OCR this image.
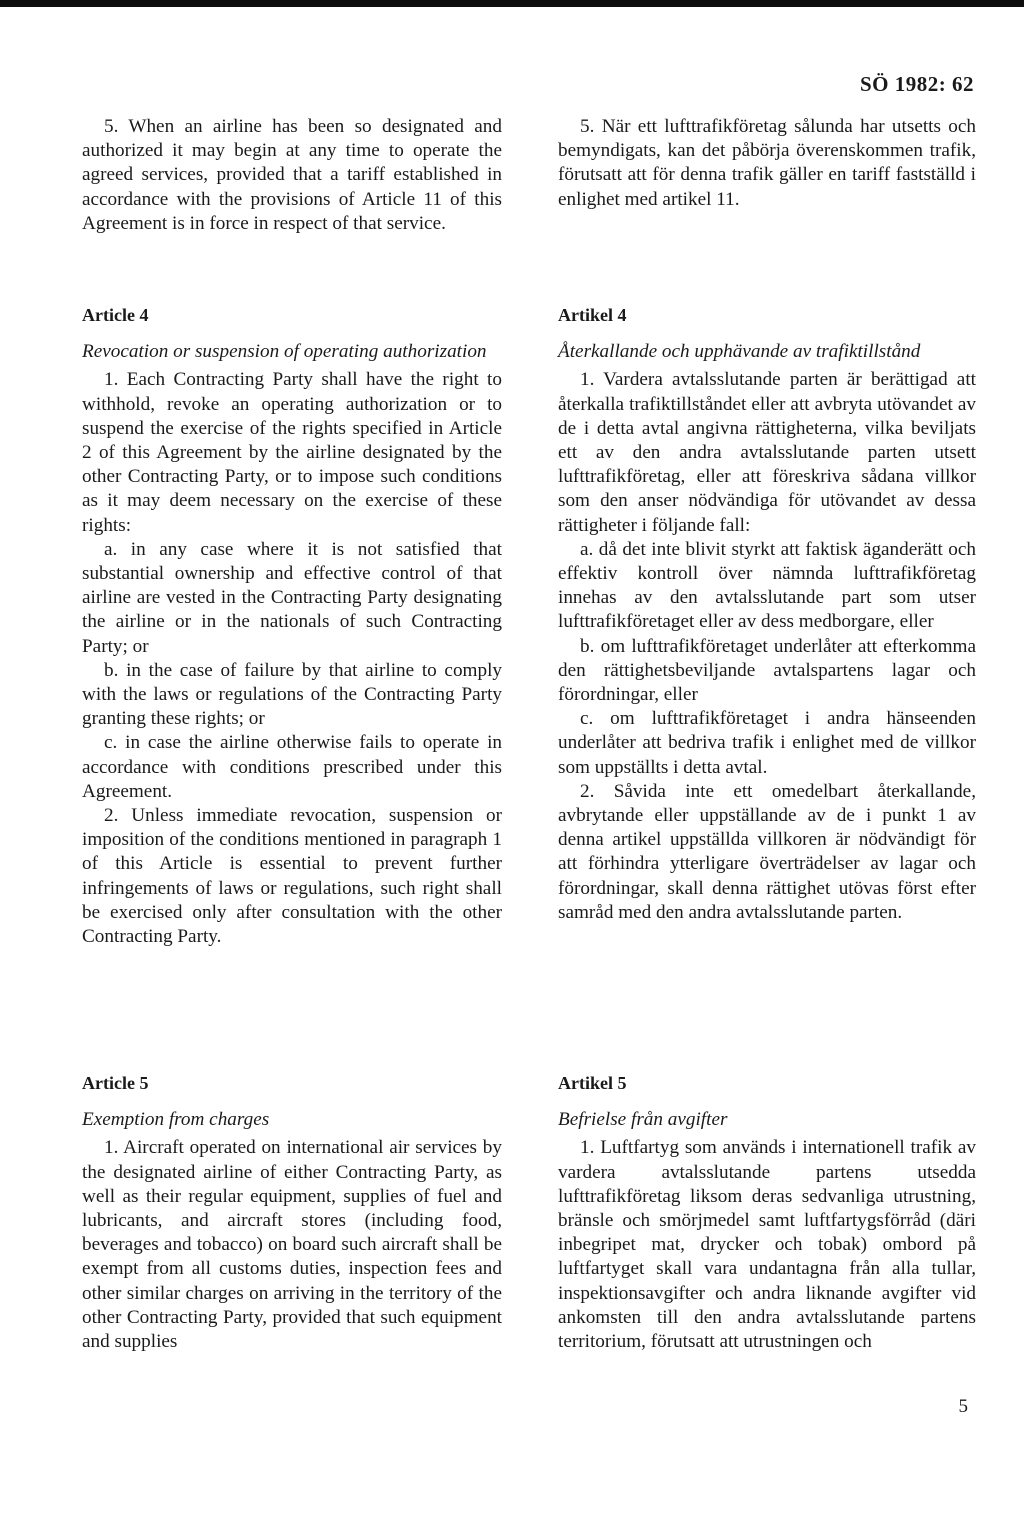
SÖ 1982: 62

5. When an airline has been so designated and authorized it may begin at any time to operate the agreed services, provided that a tariff established in accordance with the provisions of Article 11 of this Agreement is in force in respect of that service.

Article 4

Revocation or suspension of operating authorization

1. Each Contracting Party shall have the right to withhold, revoke an operating authorization or to suspend the exercise of the rights specified in Article 2 of this Agreement by the airline designated by the other Contracting Party, or to impose such conditions as it may deem necessary on the exercise of these rights:

a. in any case where it is not satisfied that substantial ownership and effective control of that airline are vested in the Contracting Party designating the airline or in the nationals of such Contracting Party; or

b. in the case of failure by that airline to comply with the laws or regulations of the Contracting Party granting these rights; or

c. in case the airline otherwise fails to operate in accordance with conditions prescribed under this Agreement.

2. Unless immediate revocation, suspension or imposition of the conditions mentioned in paragraph 1 of this Article is essential to prevent further infringements of laws or regulations, such right shall be exercised only after consultation with the other Contracting Party.

Article 5

Exemption from charges

1. Aircraft operated on international air services by the designated airline of either Contracting Party, as well as their regular equipment, supplies of fuel and lubricants, and aircraft stores (including food, beverages and tobacco) on board such aircraft shall be exempt from all customs duties, inspection fees and other similar charges on arriving in the territory of the other Contracting Party, provided that such equipment and supplies

5. När ett lufttrafikföretag sålunda har utsetts och bemyndigats, kan det påbörja överenskommen trafik, förutsatt att för denna trafik gäller en tariff fastställd i enlighet med artikel 11.

Artikel 4

Återkallande och upphävande av trafiktillstånd

1. Vardera avtalsslutande parten är berättigad att återkalla trafiktillståndet eller att avbryta utövandet av de i detta avtal angivna rättigheterna, vilka beviljats ett av den andra avtalsslutande parten utsett lufttrafikföretag, eller att föreskriva sådana villkor som den anser nödvändiga för utövandet av dessa rättigheter i följande fall:

a. då det inte blivit styrkt att faktisk äganderätt och effektiv kontroll över nämnda lufttrafikföretag innehas av den avtalsslutande part som utser lufttrafikföretaget eller av dess medborgare, eller

b. om lufttrafikföretaget underlåter att efterkomma den rättighetsbeviljande avtalspartens lagar och förordningar, eller

c. om lufttrafikföretaget i andra hänseenden underlåter att bedriva trafik i enlighet med de villkor som uppställts i detta avtal.

2. Såvida inte ett omedelbart återkallande, avbrytande eller uppställande av de i punkt 1 av denna artikel uppställda villkoren är nödvändigt för att förhindra ytterligare överträdelser av lagar och förordningar, skall denna rättighet utövas först efter samråd med den andra avtalsslutande parten.

Artikel 5

Befrielse från avgifter

1. Luftfartyg som används i internationell trafik av vardera avtalsslutande partens utsedda lufttrafikföretag liksom deras sedvanliga utrustning, bränsle och smörjmedel samt luftfartygsförråd (däri inbegripet mat, drycker och tobak) ombord på luftfartyget skall vara undantagna från alla tullar, inspektionsavgifter och andra liknande avgifter vid ankomsten till den andra avtalsslutande partens territorium, förutsatt att utrustningen och

5
